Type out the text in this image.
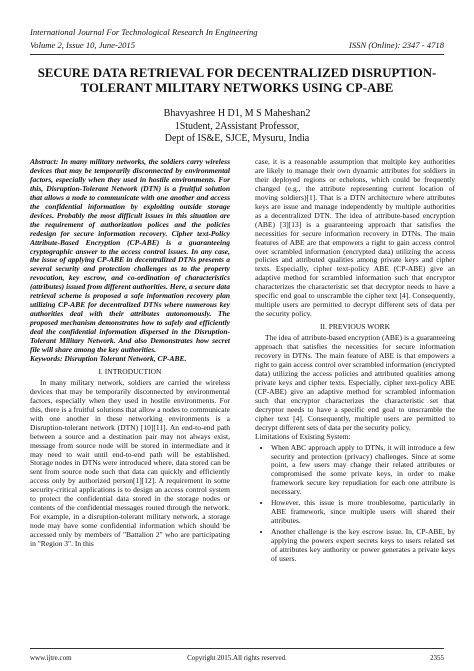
International Journal For Technological Research In Engineering
Volume 2, Issue 10, June-2015	ISSN (Online): 2347 - 4718
SECURE DATA RETRIEVAL FOR DECENTRALIZED DISRUPTION-TOLERANT MILITARY NETWORKS USING CP-ABE
Bhavyashree H D1, M S Maheshan2
1Student, 2Assistant Professor,
Dept of IS&E, SJCE, Mysuru, India

Abstract: In many military networks, the soldiers carry wireless devices that may be temporarily disconnected by environmental factors, especially when they used in hostile environments. For this, Disruption-Tolerant Network (DTN) is a fruitful solution that allows a node to communicate with one another and access the confidential information by exploiting outside storage devices. Probably the most difficult issues in this situation are the requirement of authorization polices and the policies redesign for secure information recovery. Cipher text-Policy Attribute-Based Encryption (CP-ABE) is a guaranteeing cryptographic answer to the access control issues. In any case, the issue of applying CP-ABE in decentralized DTNs presents a several security and protection challenges as to the property revocation, key escrow, and co-ordination of characteristics (attributes) issued from different authorities. Here, a secure data retrieval scheme is proposed a safe information recovery plan utilizing CP-ABE for decentralized DTNs where numerous key authorities deal with their attributes autonomously. The proposed mechanism demonstrates how to safely and efficiently deal the confidential information dispersed in the Disruption-Tolerant Military Network. And also Demonstrates how secret file will share among the key authorities.

Keywords: Disruption Tolerant Network, CP-ABE.

I. INTRODUCTION

In many military network, soldiers are carried the wireless devices that may be temporarily disconnected by environmental factors, especially when they used in hostile environments. For this, there is a fruitful solutions that allow a nodes to communicate with one another in these networking environments is a Disruption-tolerant network (DTN) [10][11]. An end-to-end path between a source and a destination pair may not always exist, message from source node will be stored in intermediate and it may need to wait until end-to-end path will be established. Storage nodes in DTNs were introduced where, data stored can be sent from source node such that data can quickly and efficiently access only by authorized person[1][12]. A requirement in some security-critical applications is to design an access control system to protect the confidential data stored in the storage nodes or contents of the confidential messages routed through the network. For example, in a disruption-tolerant military network, a storage node may have some confidential information which should be accessed only by members of "Battalion 2" who are participating in "Region 3". In this

case, it is a reasonable assumption that multiple key authorities are likely to manage their own dynamic attributes for soldiers in their deployed regions or echelons, which could be frequently changed (e.g., the attribute representing current location of moving soldiers)[1]. That is a DTN architecture where attributes keys are issue and manage independently by multiple authorities as a decentralized DTN. The idea of attribute-based encryption (ABE) [3][13] is a guaranteeing approach that satisfies the necessities for secure information recovery in DTNs. The main features of ABE are that empowers a right to gain access control over scrambled information (encrypted data) utilizing the access policies and attributed qualities among private keys and cipher texts. Especially, cipher text-policy ABE (CP-ABE) give an adaptive method for scrambled information such that encryptor characterizes the characteristic set that decryptor needs to have a specific end goal to unscramble the cipher text [4]. Consequently, multiple users are permitted to decrypt different sets of data per the security policy.

II. PREVIOUS WORK

The idea of attribute-based encryption (ABE) is a guaranteeing approach that satisfies the necessities for secure information recovery in DTNs. The main feature of ABE is that empowers a right to gain access control over scrambled information (encrypted data) utilizing the access policies and attributed qualities among private keys and cipher texts. Especially, cipher text-policy ABE (CP-ABE) give an adaptive method for scrambled information such that encryptor characterizes the characteristic set that decryptor needs to have a specific end goal to unscramble the cipher text [4]. Consequently, multiple users are permitted to decrypt different sets of data per the security policy.

Limitations of Existing System:

• When ABC approach apply to DTNs, it will introduce a few security and protection (privacy) challenges. Since at some point, a few users may change their related attributes or compromised the some private keys, in order to make framework secure key repudiation for each one attribute is necessary.
• However, this issue is more troublesome, particularly in ABE framework, since multiple users will shared their attributes.
• Another challenge is the key escrow issue. In, CP-ABE, by applying the powers expert secrets keys to users related set of attributes key authority or power generates a private keys of users.
www.ijtre.com	Copyright 2015.All rights reserved.	2355
